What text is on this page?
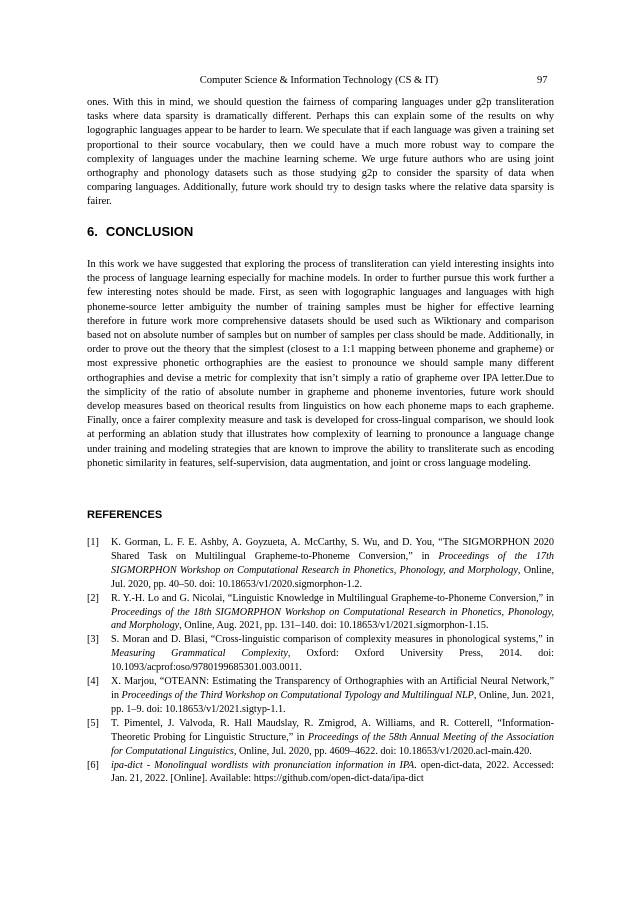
Computer Science & Information Technology (CS & IT)	97

ones. With this in mind, we should question the fairness of comparing languages under g2p transliteration tasks where data sparsity is dramatically different. Perhaps this can explain some of the results on why logographic languages appear to be harder to learn. We speculate that if each language was given a training set proportional to their source vocabulary, then we could have a much more robust way to compare the complexity of languages under the machine learning scheme. We urge future authors who are using joint orthography and phonology datasets such as those studying g2p to consider the sparsity of data when comparing languages. Additionally, future work should try to design tasks where the relative data sparsity is fairer.

6. CONCLUSION

In this work we have suggested that exploring the process of transliteration can yield interesting insights into the process of language learning especially for machine models. In order to further pursue this work further a few interesting notes should be made. First, as seen with logographic languages and languages with high phoneme-source letter ambiguity the number of training samples must be higher for effective learning therefore in future work more comprehensive datasets should be used such as Wiktionary and comparison based not on absolute number of samples but on number of samples per class should be made. Additionally, in order to prove out the theory that the simplest (closest to a 1:1 mapping between phoneme and grapheme) or most expressive phonetic orthographies are the easiest to pronounce we should sample many different orthographies and devise a metric for complexity that isn’t simply a ratio of grapheme over IPA letter.Due to the simplicity of the ratio of absolute number in grapheme and phoneme inventories, future work should develop measures based on theorical results from linguistics on how each phoneme maps to each grapheme. Finally, once a fairer complexity measure and task is developed for cross-lingual comparison, we should look at performing an ablation study that illustrates how complexity of learning to pronounce a language change under training and modeling strategies that are known to improve the ability to transliterate such as encoding phonetic similarity in features, self-supervision, data augmentation, and joint or cross language modeling.

REFERENCES
[1] K. Gorman, L. F. E. Ashby, A. Goyzueta, A. McCarthy, S. Wu, and D. You, “The SIGMORPHON 2020 Shared Task on Multilingual Grapheme-to-Phoneme Conversion,” in Proceedings of the 17th SIGMORPHON Workshop on Computational Research in Phonetics, Phonology, and Morphology, Online, Jul. 2020, pp. 40–50. doi: 10.18653/v1/2020.sigmorphon-1.2.
[2] R. Y.-H. Lo and G. Nicolai, “Linguistic Knowledge in Multilingual Grapheme-to-Phoneme Conversion,” in Proceedings of the 18th SIGMORPHON Workshop on Computational Research in Phonetics, Phonology, and Morphology, Online, Aug. 2021, pp. 131–140. doi: 10.18653/v1/2021.sigmorphon-1.15.
[3] S. Moran and D. Blasi, “Cross-linguistic comparison of complexity measures in phonological systems,” in Measuring Grammatical Complexity, Oxford: Oxford University Press, 2014. doi: 10.1093/acprof:oso/9780199685301.003.0011.
[4] X. Marjou, “OTEANN: Estimating the Transparency of Orthographies with an Artificial Neural Network,” in Proceedings of the Third Workshop on Computational Typology and Multilingual NLP, Online, Jun. 2021, pp. 1–9. doi: 10.18653/v1/2021.sigtyp-1.1.
[5] T. Pimentel, J. Valvoda, R. Hall Maudslay, R. Zmigrod, A. Williams, and R. Cotterell, “Information-Theoretic Probing for Linguistic Structure,” in Proceedings of the 58th Annual Meeting of the Association for Computational Linguistics, Online, Jul. 2020, pp. 4609–4622. doi: 10.18653/v1/2020.acl-main.420.
[6] ipa-dict - Monolingual wordlists with pronunciation information in IPA. open-dict-data, 2022. Accessed: Jan. 21, 2022. [Online]. Available: https://github.com/open-dict-data/ipa-dict
